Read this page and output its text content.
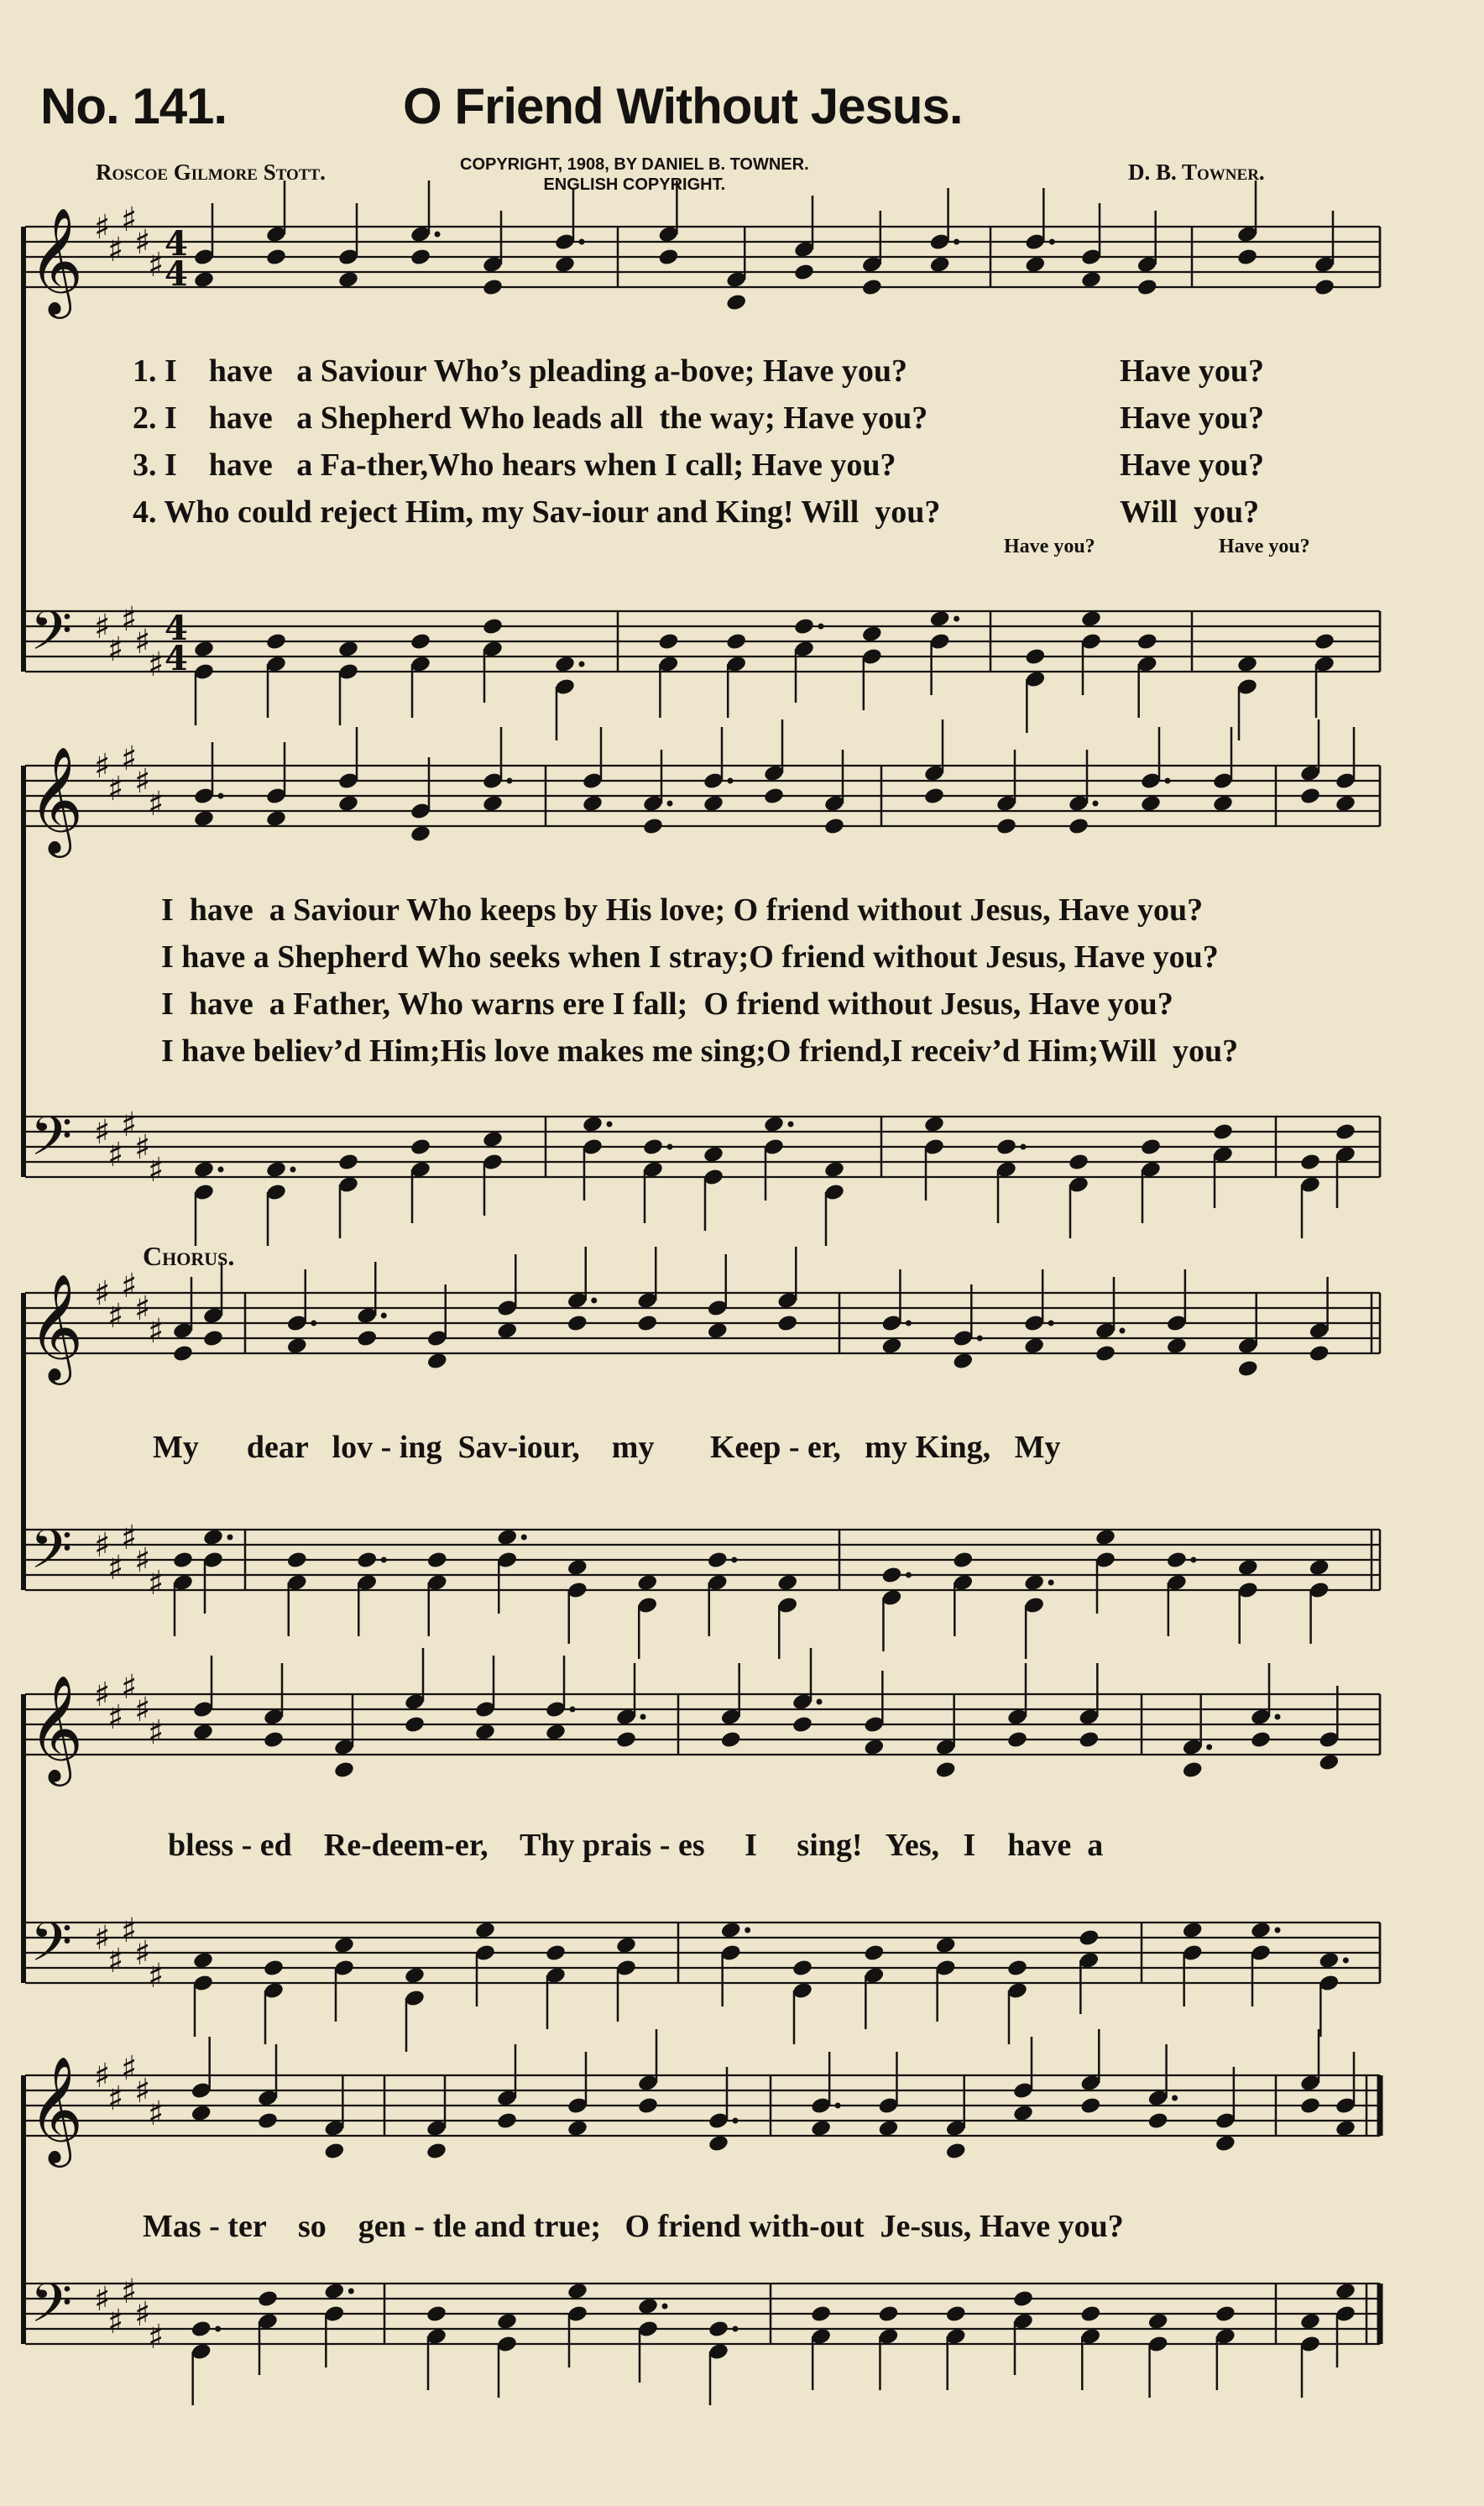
No. 141.	O Friend Without Jesus.
Roscoe Gilmore Stott.	COPYRIGHT, 1908, BY DANIEL B. TOWNER.
ENGLISH COPYRIGHT.	D. B. Towner.
𝄞
𝄢
♯
♯
♯
♯
♯
♯
♯
♯
♯
♯
𝄞
𝄢
♯
♯
♯
♯
♯
♯
♯
♯
♯
♯
𝄞
𝄢
♯
♯
♯
♯
♯
♯
♯
♯
♯
♯
𝄞
𝄢
♯
♯
♯
♯
♯
♯
♯
♯
♯
♯
𝄞
𝄢
♯
♯
♯
♯
♯
♯
♯
♯
♯
♯
4
4
4
4
1. I    have   a Saviour Who’s pleading a-bove; Have you?	Have you?
2. I    have   a Shepherd Who leads all  the way; Have you?	Have you?
3. I    have   a Fa-ther,Who hears when I call; Have you?	Have you?
4. Who could reject Him, my Sav-iour and King! Will  you?	Will  you?
Have you?	Have you?
I  have  a Saviour Who keeps by His love; O friend without Jesus, Have you?
I have a Shepherd Who seeks when I stray;O friend without Jesus, Have you?
I  have  a Father, Who warns ere I fall;  O friend without Jesus, Have you?
I have believ’d Him;His love makes me sing;O friend,I receiv’d Him;Will  you?
Chorus.
My      dear   lov - ing  Sav-iour,    my       Keep - er,   my King,   My
bless - ed    Re-deem-er,    Thy prais - es     I     sing!   Yes,   I    have  a
Mas - ter    so    gen - tle and true;   O friend with-out  Je-sus, Have you?
